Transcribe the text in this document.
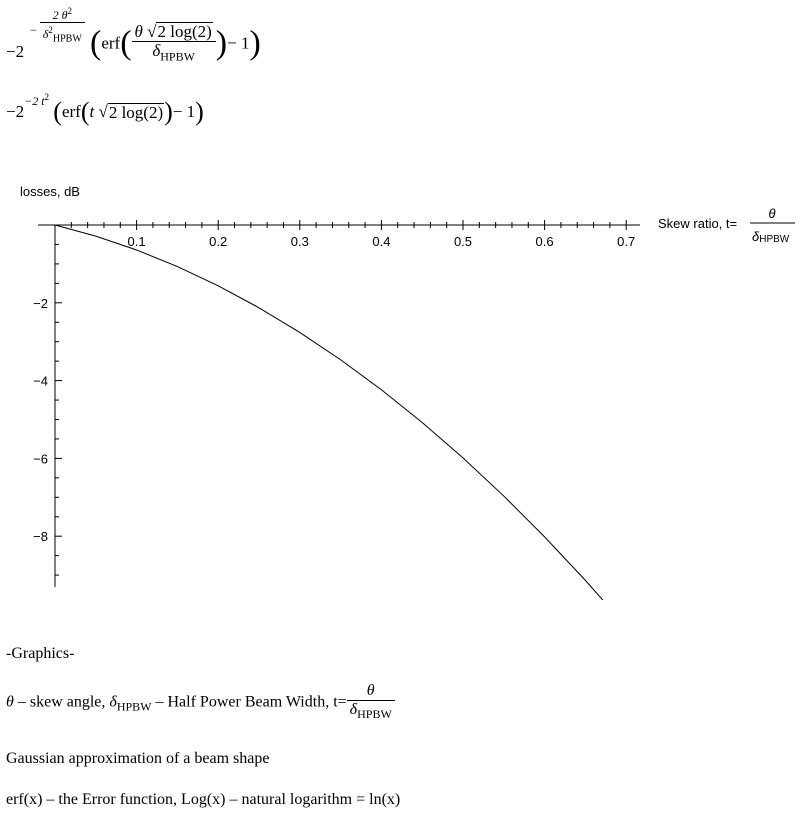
−2
− $\frac{2 \theta^2}{\delta^2_{HPBW}} (erf( \frac{\theta √2 \log(2)}{\delta_{HPBW}}$ )− 1)
$-2^{-2 t^2}$ (erf(t √2 log(2))− 1)
losses, dB
0.1	0.2	0.3	0.4	0.5	0.6	0.7
−2
−4
−6
−8
Skew ratio, t=
θ
δHPBW
-Graphics-
θ – skew angle, $\delta_{HPBW}$ – Half Power Beam Width, $t= \frac{\theta}{\delta_{HPBW}}$
Gaussian approximation of a beam shape
erf(x) – the Error function, Log(x) – natural logarithm = ln(x)
